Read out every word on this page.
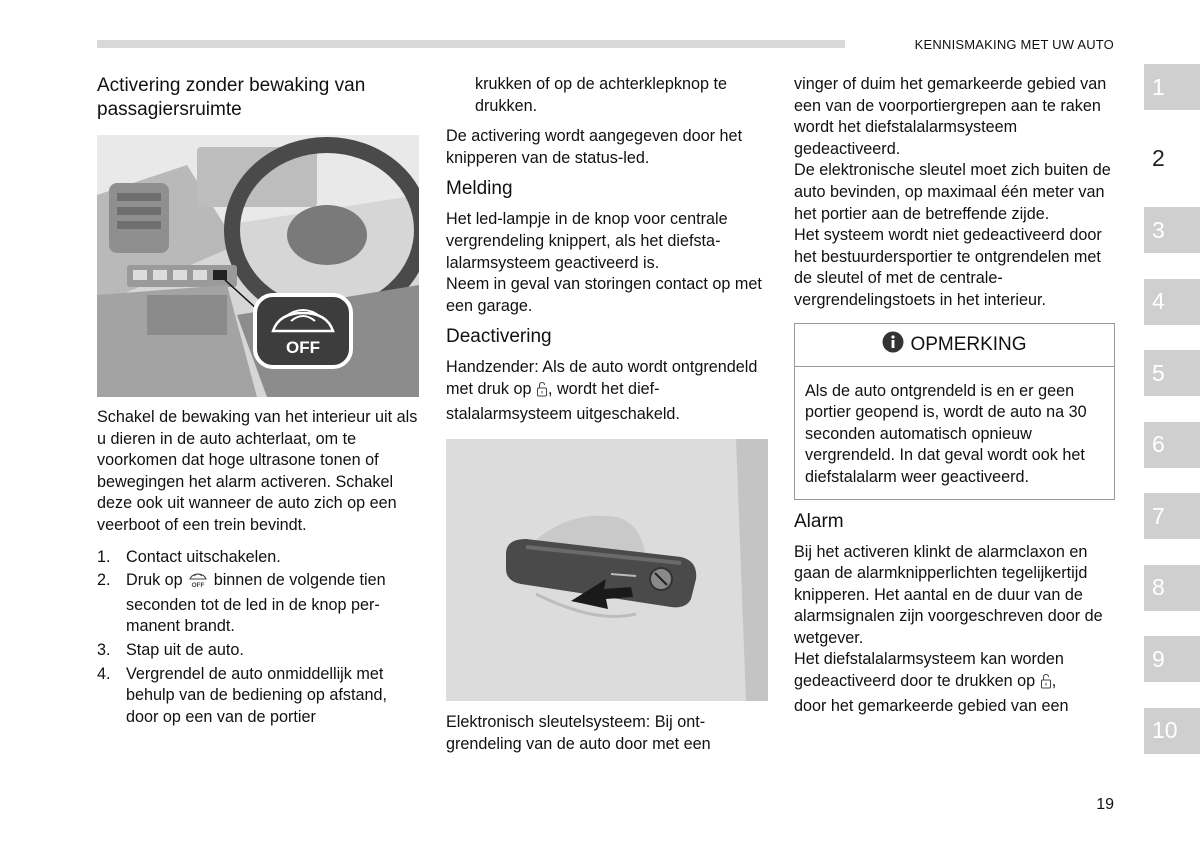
KENNISMAKING MET UW AUTO
Activering zonder bewaking van passagiersruimte
OFF

Schakel de bewaking van het interieur uit als u dieren in de auto achterlaat, om te voorkomen dat hoge ultrasone tonen of bewegingen het alarm activeren. Schakel deze ook uit wanneer de auto zich op een veerboot of een trein bevindt.

1. Contact uitschakelen.
2. Druk op OFF binnen de volgende tien seconden tot de led in de knop permanent brandt.
3. Stap uit de auto.
4. Vergrendel de auto onmiddellijk met behulp van de bediening op afstand, door op een van de portier

krukken of op de achterklepknop te drukken.

De activering wordt aangegeven door het knipperen van de status-led.

Melding

Het led-lampje in de knop voor centrale vergrendeling knippert, als het diefstalalarmsysteem geactiveerd is.

Neem in geval van storingen contact op met een garage.

Deactivering

Handzender: Als de auto wordt ontgrendeld met druk op , wordt het diefstalalarmsysteem uitgeschakeld.

Elektronisch sleutelsysteem: Bij ontgrendeling van de auto door met een

vinger of duim het gemarkeerde gebied van een van de voorportiergrepen aan te raken wordt het diefstalalarmsysteem gedeactiveerd.

De elektronische sleutel moet zich buiten de auto bevinden, op maximaal één meter van het portier aan de betreffende zijde.

Het systeem wordt niet gedeactiveerd door het bestuurdersportier te ontgrendelen met de sleutel of met de centralevergrendelingstoets in het interieur.

OPMERKING
Als de auto ontgrendeld is en er geen portier geopend is, wordt de auto na 30 seconden automatisch opnieuw vergrendeld. In dat geval wordt ook het diefstalalarm weer geactiveerd.
Alarm

Bij het activeren klinkt de alarmclaxon en gaan de alarmknipperlichten tegelijkertijd knipperen. Het aantal en de duur van de alarmsignalen zijn voorgeschreven door de wetgever.

Het diefstalalarmsysteem kan worden gedeactiveerd door te drukken op ,
door het gemarkeerde gebied van een

1
2
3
4
5
6
7
8
9
10
19
